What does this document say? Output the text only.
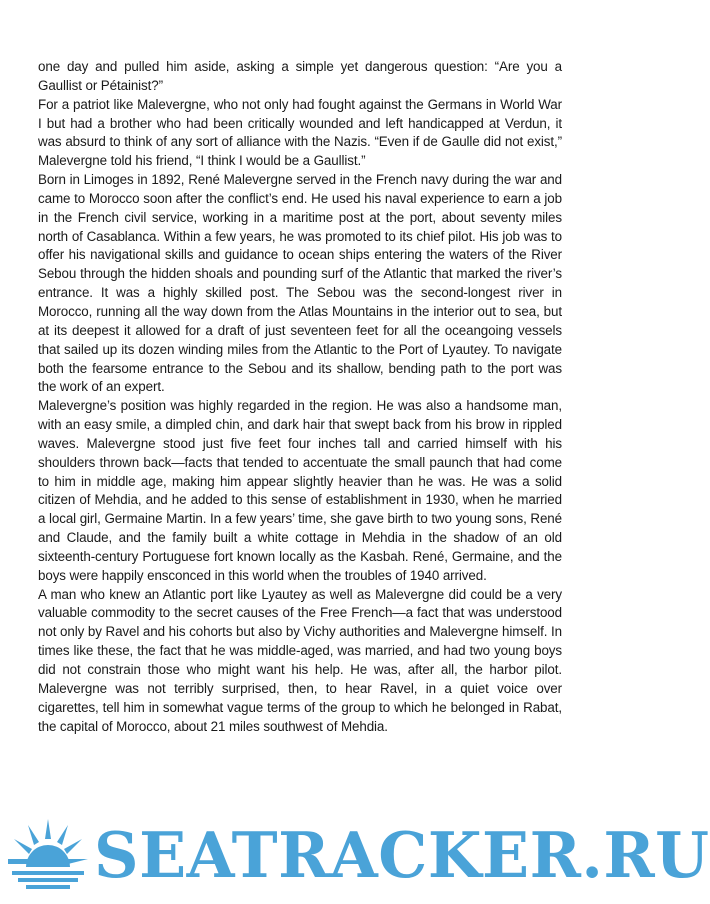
one day and pulled him aside, asking a simple yet dangerous question: “Are you a Gaullist or Pétainist?”

For a patriot like Malevergne, who not only had fought against the Germans in World War I but had a brother who had been critically wounded and left handicapped at Verdun, it was absurd to think of any sort of alliance with the Nazis. “Even if de Gaulle did not exist,” Malevergne told his friend, “I think I would be a Gaullist.”

Born in Limoges in 1892, René Malevergne served in the French navy during the war and came to Morocco soon after the conflict’s end. He used his naval experience to earn a job in the French civil service, working in a maritime post at the port, about seventy miles north of Casablanca. Within a few years, he was promoted to its chief pilot. His job was to offer his navigational skills and guidance to ocean ships entering the waters of the River Sebou through the hidden shoals and pounding surf of the Atlantic that marked the river’s entrance. It was a highly skilled post. The Sebou was the second-longest river in Morocco, running all the way down from the Atlas Mountains in the interior out to sea, but at its deepest it allowed for a draft of just seventeen feet for all the oceangoing vessels that sailed up its dozen winding miles from the Atlantic to the Port of Lyautey. To navigate both the fearsome entrance to the Sebou and its shallow, bending path to the port was the work of an expert.

Malevergne’s position was highly regarded in the region. He was also a handsome man, with an easy smile, a dimpled chin, and dark hair that swept back from his brow in rippled waves. Malevergne stood just five feet four inches tall and carried himself with his shoulders thrown back—facts that tended to accentuate the small paunch that had come to him in middle age, making him appear slightly heavier than he was. He was a solid citizen of Mehdia, and he added to this sense of establishment in 1930, when he married a local girl, Germaine Martin. In a few years’ time, she gave birth to two young sons, René and Claude, and the family built a white cottage in Mehdia in the shadow of an old sixteenth-century Portuguese fort known locally as the Kasbah. René, Germaine, and the boys were happily ensconced in this world when the troubles of 1940 arrived.

A man who knew an Atlantic port like Lyautey as well as Malevergne did could be a very valuable commodity to the secret causes of the Free French—a fact that was understood not only by Ravel and his cohorts but also by Vichy authorities and Malevergne himself. In times like these, the fact that he was middle-aged, was married, and had two young boys did not constrain those who might want his help. He was, after all, the harbor pilot. Malevergne was not terribly surprised, then, to hear Ravel, in a quiet voice over cigarettes, tell him in somewhat vague terms of the group to which he belonged in Rabat, the capital of Morocco, about 21 miles southwest of Mehdia.

SEATRACKER.RU
